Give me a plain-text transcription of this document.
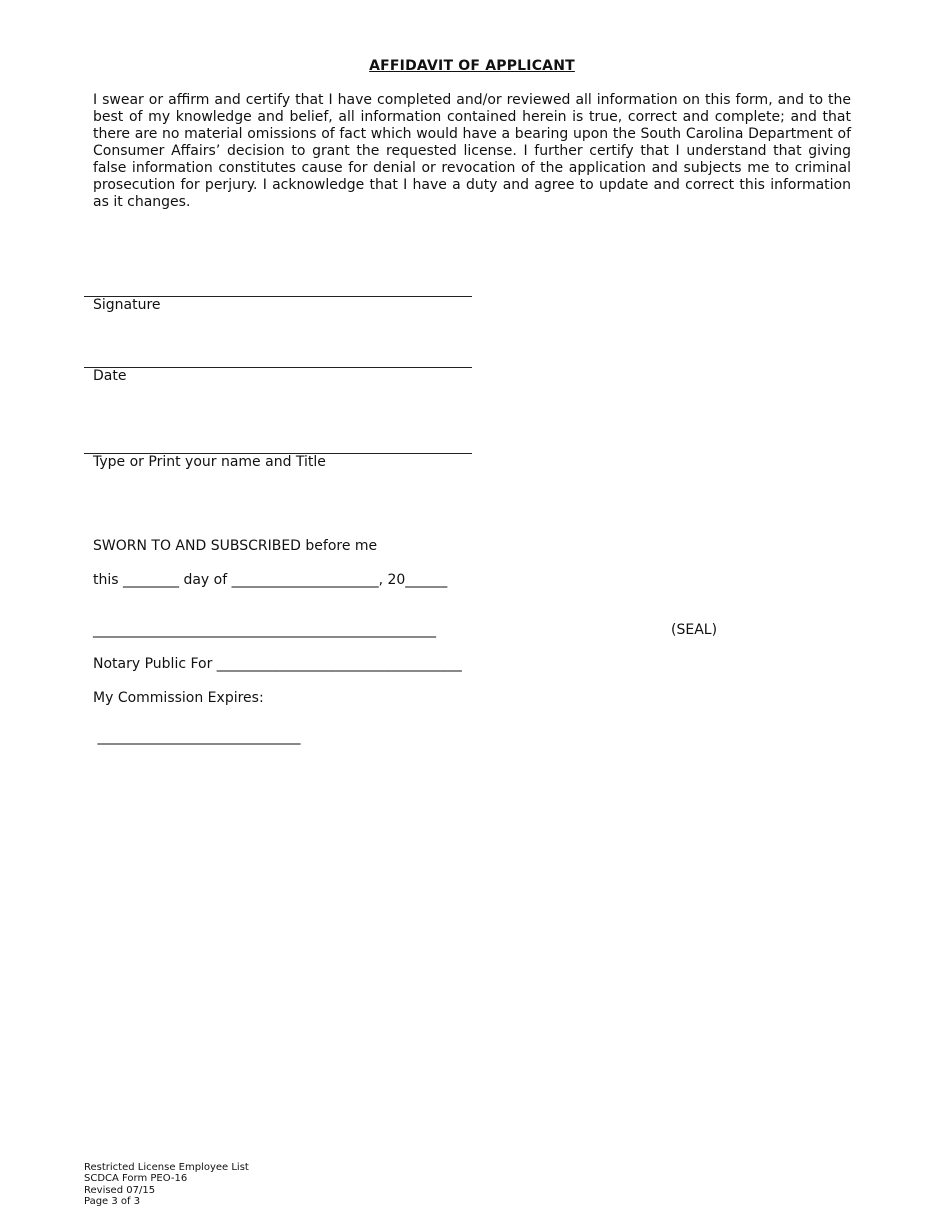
AFFIDAVIT OF APPLICANT
I swear or affirm and certify that I have completed and/or reviewed all information on this form, and to the best of my knowledge and belief, all information contained herein is true, correct and complete; and that there are no material omissions of fact which would have a bearing upon the South Carolina Department of Consumer Affairs’ decision to grant the requested license. I further certify that I understand that giving false information constitutes cause for denial or revocation of the application and subjects me to criminal prosecution for perjury. I acknowledge that I have a duty and agree to update and correct this information as it changes.
Signature
Date
Type or Print your name and Title
SWORN TO AND SUBSCRIBED before me
this ________ day of _____________________, 20______
_________________________________________________	(SEAL)
Notary Public For ___________________________________
My Commission Expires:
_____________________________
Restricted License Employee List
SCDCA Form PEO-16
Revised 07/15
Page 3 of 3
